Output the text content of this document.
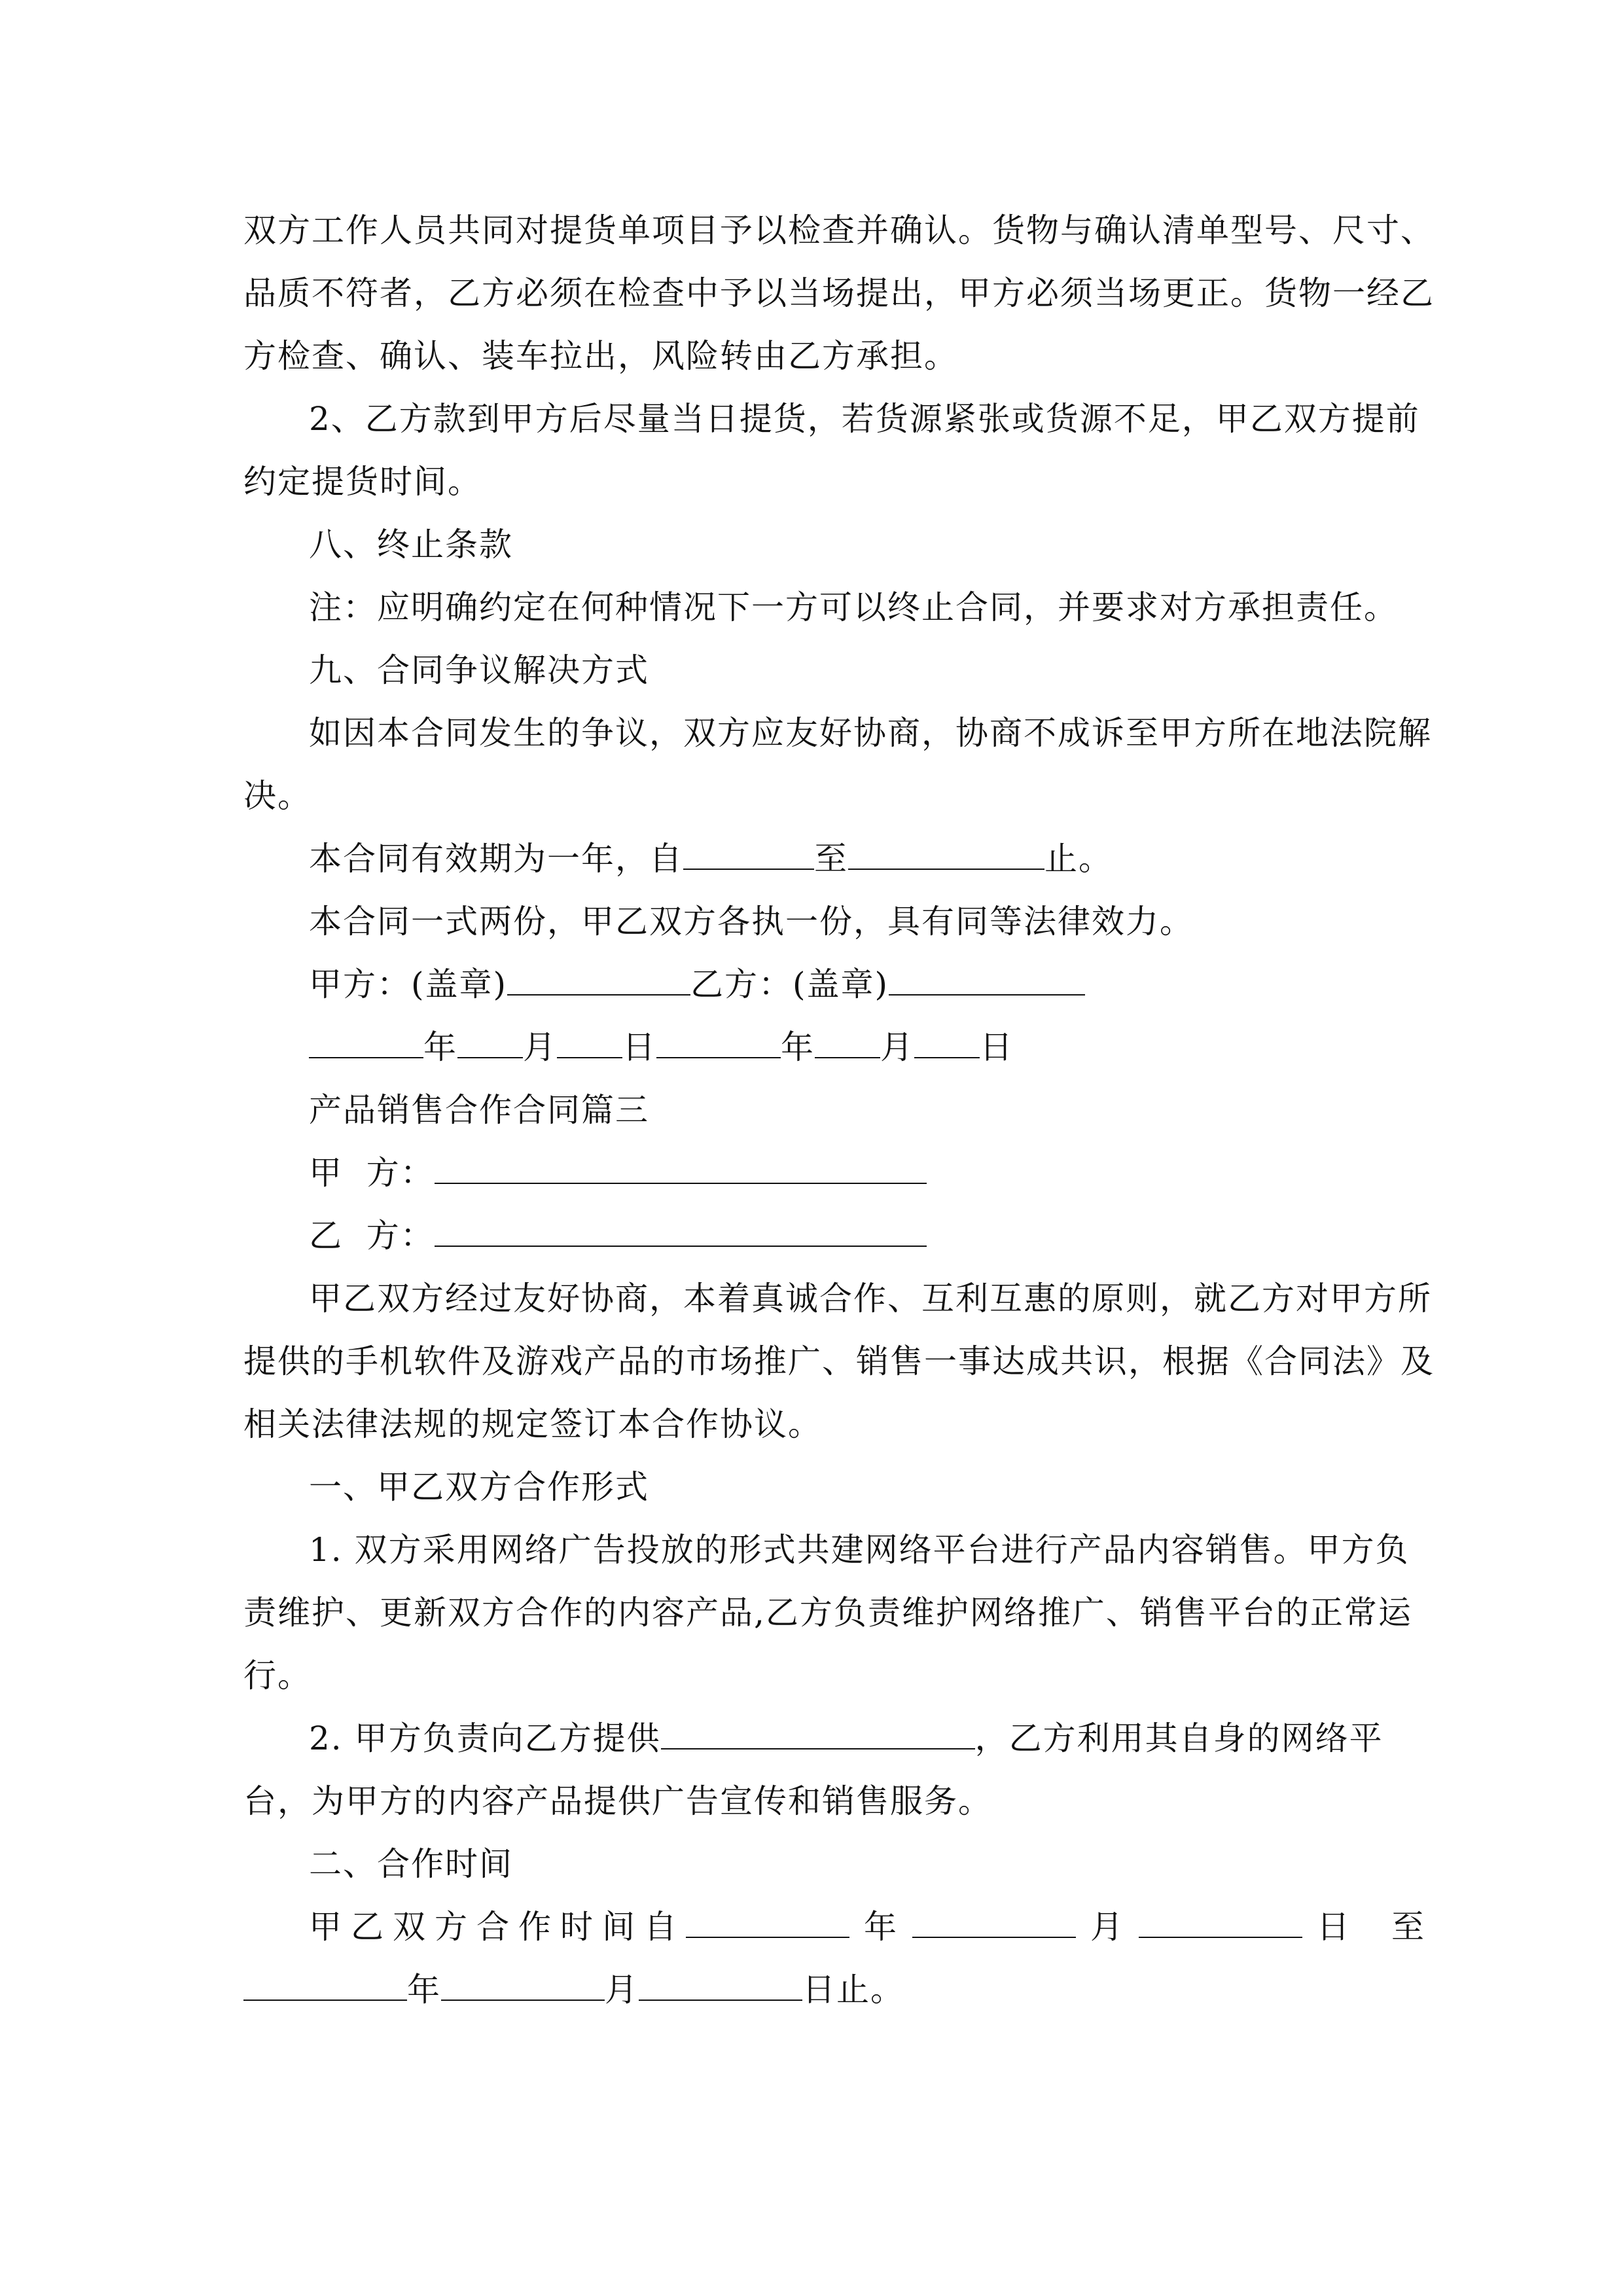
双方工作人员共同对提货单项目予以检查并确认。货物与确认清单型号、尺寸、
品质不符者，乙方必须在检查中予以当场提出，甲方必须当场更正。货物一经乙
方检查、确认、装车拉出，风险转由乙方承担。
2、乙方款到甲方后尽量当日提货，若货源紧张或货源不足，甲乙双方提前
约定提货时间。
八、终止条款
注：应明确约定在何种情况下一方可以终止合同，并要求对方承担责任。
九、合同争议解决方式
如因本合同发生的争议，双方应友好协商，协商不成诉至甲方所在地法院解
决。
本合同有效期为一年，自	至	止。
本合同一式两份，甲乙双方各执一份，具有同等法律效力。
甲方：(盖章)	乙方：(盖章)
年 月 日	年 月 日
产品销售合作合同篇三
甲  方：
乙  方：
甲乙双方经过友好协商，本着真诚合作、互利互惠的原则，就乙方对甲方所
提供的手机软件及游戏产品的市场推广、销售一事达成共识，根据《合同法》及
相关法律法规的规定签订本合作协议。
一、甲乙双方合作形式
1. 双方采用网络广告投放的形式共建网络平台进行产品内容销售。甲方负
责维护、更新双方合作的内容产品,乙方负责维护网络推广、销售平台的正常运
行。
2. 甲方负责向乙方提供	，乙方利用其自身的网络平
台，为甲方的内容产品提供广告宣传和销售服务。
二、合作时间
甲乙双方合作时间自	年	月	日 至
年	月	日止。
